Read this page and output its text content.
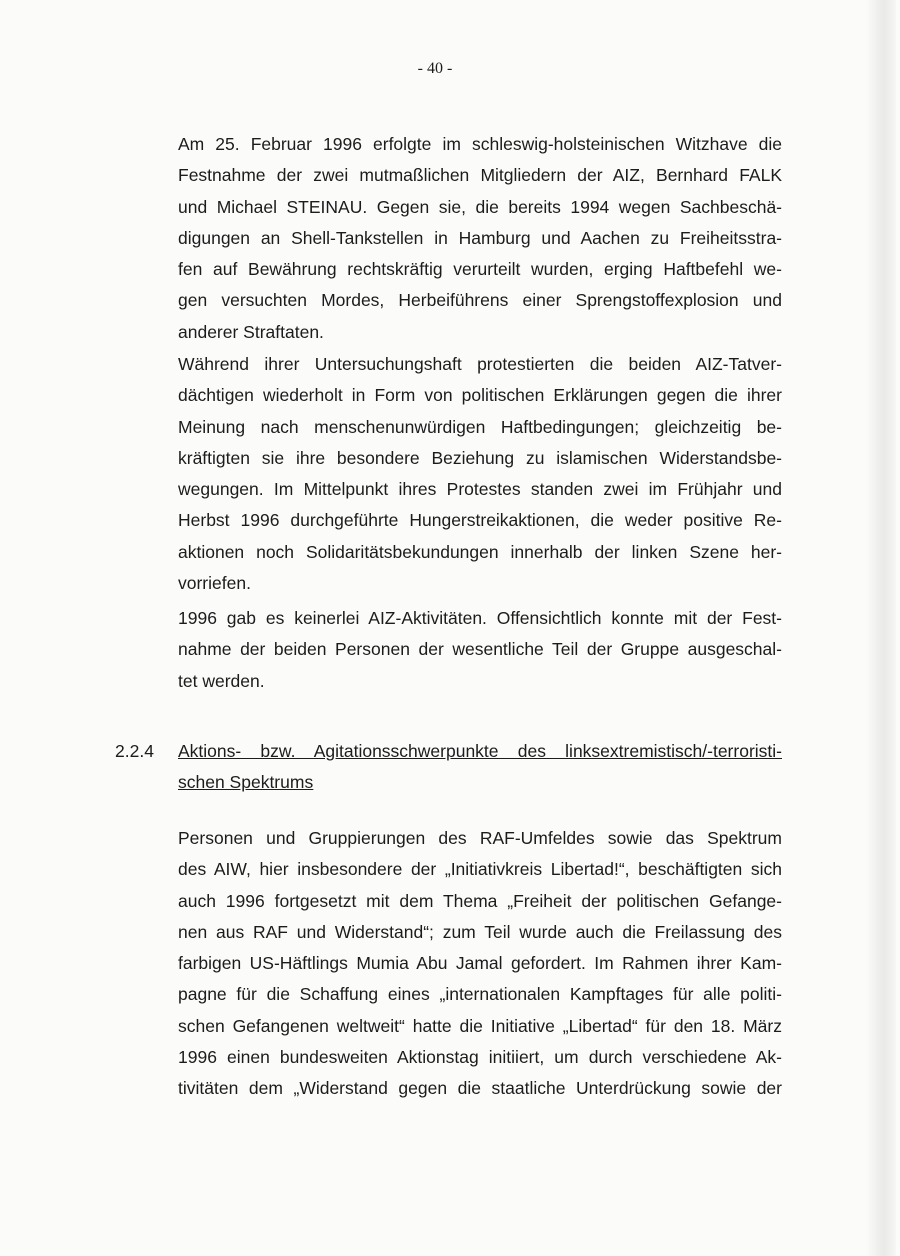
- 40 -
Am 25. Februar 1996 erfolgte im schleswig-holsteinischen Witzhave die
Festnahme der zwei mutmaßlichen Mitgliedern der AIZ, Bernhard FALK
und Michael STEINAU. Gegen sie, die bereits 1994 wegen Sachbeschä-
digungen an Shell-Tankstellen in Hamburg und Aachen zu Freiheitsstra-
fen auf Bewährung rechtskräftig verurteilt wurden, erging Haftbefehl we-
gen versuchten Mordes, Herbeiführens einer Sprengstoffexplosion und
anderer Straftaten.
Während ihrer Untersuchungshaft protestierten die beiden AIZ-Tatver-
dächtigen wiederholt in Form von politischen Erklärungen gegen die ihrer
Meinung nach menschenunwürdigen Haftbedingungen; gleichzeitig be-
kräftigten sie ihre besondere Beziehung zu islamischen Widerstandsbe-
wegungen. Im Mittelpunkt ihres Protestes standen zwei im Frühjahr und
Herbst 1996 durchgeführte Hungerstreikaktionen, die weder positive Re-
aktionen noch Solidaritätsbekundungen innerhalb der linken Szene her-
vorriefen.
1996 gab es keinerlei AIZ-Aktivitäten. Offensichtlich konnte mit der Fest-
nahme der beiden Personen der wesentliche Teil der Gruppe ausgeschal-
tet werden.
2.2.4 Aktions- bzw. Agitationsschwerpunkte des linksextremistisch/-terroristi-
schen Spektrums
Personen und Gruppierungen des RAF-Umfeldes sowie das Spektrum
des AIW, hier insbesondere der „Initiativkreis Libertad!“, beschäftigten sich
auch 1996 fortgesetzt mit dem Thema „Freiheit der politischen Gefange-
nen aus RAF und Widerstand“; zum Teil wurde auch die Freilassung des
farbigen US-Häftlings Mumia Abu Jamal gefordert. Im Rahmen ihrer Kam-
pagne für die Schaffung eines „internationalen Kampftages für alle politi-
schen Gefangenen weltweit“ hatte die Initiative „Libertad“ für den 18. März
1996 einen bundesweiten Aktionstag initiiert, um durch verschiedene Ak-
tivitäten dem „Widerstand gegen die staatliche Unterdrückung sowie der
